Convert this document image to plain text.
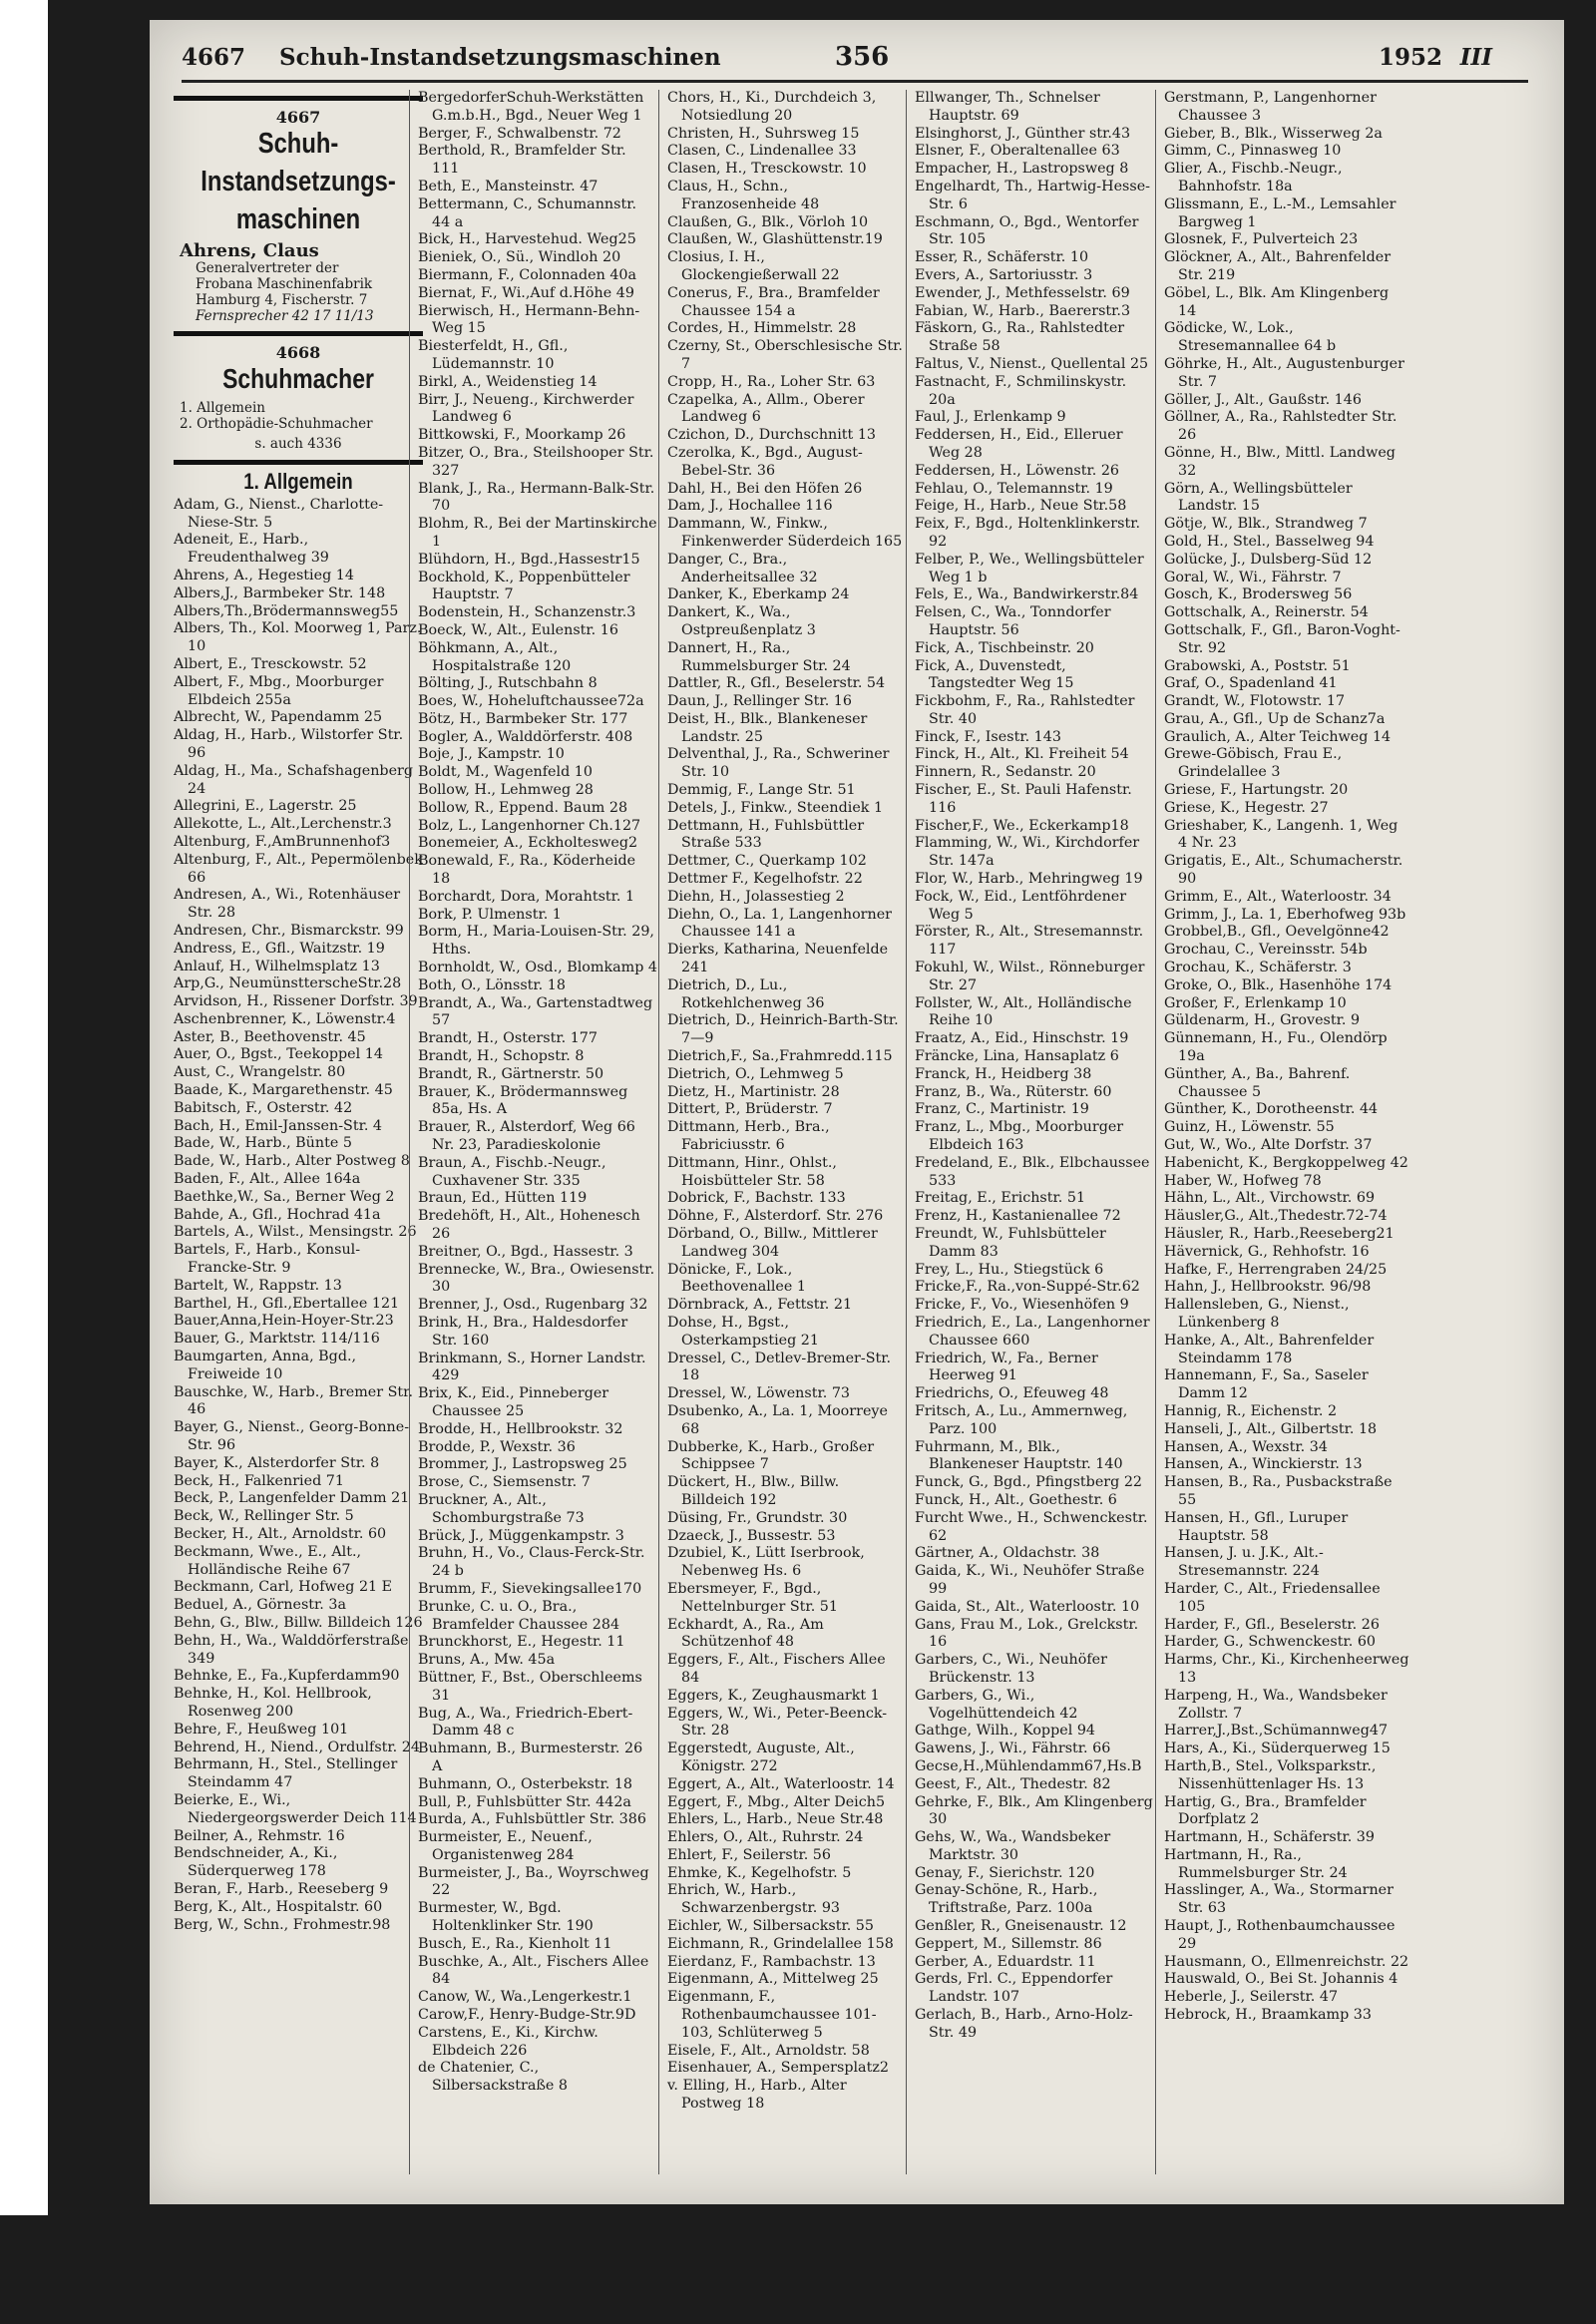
4667 Schuh-Instandsetzungsmaschinen	356	1952 III
4667
Schuh-
Instandsetzungs-
maschinen
Ahrens, Claus
Generalvertreter der
Frobana Maschinenfabrik
Hamburg 4, Fischerstr. 7
Fernsprecher 42 17 11/13
4668
Schuhmacher
1. Allgemein
2. Orthopädie-Schuhmacher
s. auch 4336
1. Allgemein

Adam, G., Nienst., Charlotte-Niese-Str. 5

Adeneit, E., Harb., Freudenthalweg 39

Ahrens, A., Hegestieg 14

Albers,J., Barmbeker Str. 148

Albers,Th.,Brödermannsweg55

Albers, Th., Kol. Moorweg 1, Parz. 10

Albert, E., Tresckowstr. 52

Albert, F., Mbg., Moorburger Elbdeich 255a

Albrecht, W., Papendamm 25

Aldag, H., Harb., Wilstorfer Str. 96

Aldag, H., Ma., Schafshagenberg 24

Allegrini, E., Lagerstr. 25

Allekotte, L., Alt.,Lerchenstr.3

Altenburg, F.,AmBrunnenhof3

Altenburg, F., Alt., Pepermölenbek 66

Andresen, A., Wi., Rotenhäuser Str. 28

Andresen, Chr., Bismarckstr. 99

Andress, E., Gfl., Waitzstr. 19

Anlauf, H., Wilhelmsplatz 13

Arp,G., NeumünstterscheStr.28

Arvidson, H., Rissener Dorfstr. 39

Aschenbrenner, K., Löwenstr.4

Aster, B., Beethovenstr. 45

Auer, O., Bgst., Teekoppel 14

Aust, C., Wrangelstr. 80

Baade, K., Margarethenstr. 45

Babitsch, F., Osterstr. 42

Bach, H., Emil-Janssen-Str. 4

Bade, W., Harb., Bünte 5

Bade, W., Harb., Alter Postweg 8

Baden, F., Alt., Allee 164a

Baethke,W., Sa., Berner Weg 2

Bahde, A., Gfl., Hochrad 41a

Bartels, A., Wilst., Mensingstr. 26

Bartels, F., Harb., Konsul-Francke-Str. 9

Bartelt, W., Rappstr. 13

Barthel, H., Gfl.,Ebertallee 121

Bauer,Anna,Hein-Hoyer-Str.23

Bauer, G., Marktstr. 114/116

Baumgarten, Anna, Bgd., Freiweide 10

Bauschke, W., Harb., Bremer Str. 46

Bayer, G., Nienst., Georg-Bonne-Str. 96

Bayer, K., Alsterdorfer Str. 8

Beck, H., Falkenried 71

Beck, P., Langenfelder Damm 21

Beck, W., Rellinger Str. 5

Becker, H., Alt., Arnoldstr. 60

Beckmann, Wwe., E., Alt., Holländische Reihe 67

Beckmann, Carl, Hofweg 21 E

Beduel, A., Görnestr. 3a

Behn, G., Blw., Billw. Billdeich 126

Behn, H., Wa., Walddörferstraße 349

Behnke, E., Fa.,Kupferdamm90

Behnke, H., Kol. Hellbrook, Rosenweg 200

Behre, F., Heußweg 101

Behrend, H., Niend., Ordulfstr. 24

Behrmann, H., Stel., Stellinger Steindamm 47

Beierke, E., Wi., Niedergeorgswerder Deich 114

Beilner, A., Rehmstr. 16

Bendschneider, A., Ki., Süderquerweg 178

Beran, F., Harb., Reeseberg 9

Berg, K., Alt., Hospitalstr. 60

Berg, W., Schn., Frohmestr.98

BergedorferSchuh-Werkstätten G.m.b.H., Bgd., Neuer Weg 1

Berger, F., Schwalbenstr. 72

Berthold, R., Bramfelder Str. 111

Beth, E., Mansteinstr. 47

Bettermann, C., Schumannstr. 44 a

Bick, H., Harvestehud. Weg25

Bieniek, O., Sü., Windloh 20

Biermann, F., Colonnaden 40a

Biernat, F., Wi.,Auf d.Höhe 49

Bierwisch, H., Hermann-Behn-Weg 15

Biesterfeldt, H., Gfl., Lüdemannstr. 10

Birkl, A., Weidenstieg 14

Birr, J., Neueng., Kirchwerder Landweg 6

Bittkowski, F., Moorkamp 26

Bitzer, O., Bra., Steilshooper Str. 327

Blank, J., Ra., Hermann-Balk-Str. 70

Blohm, R., Bei der Martinskirche 1

Blühdorn, H., Bgd.,Hassestr15

Bockhold, K., Poppenbütteler Hauptstr. 7

Bodenstein, H., Schanzenstr.3

Boeck, W., Alt., Eulenstr. 16

Böhkmann, A., Alt., Hospitalstraße 120

Bölting, J., Rutschbahn 8

Boes, W., Hoheluftchaussee72a

Bötz, H., Barmbeker Str. 177

Bogler, A., Walddörferstr. 408

Boje, J., Kampstr. 10

Boldt, M., Wagenfeld 10

Bollow, H., Lehmweg 28

Bollow, R., Eppend. Baum 28

Bolz, L., Langenhorner Ch.127

Bonemeier, A., Eckholtesweg2

Bonewald, F., Ra., Köderheide 18

Borchardt, Dora, Morahtstr. 1

Bork, P. Ulmenstr. 1

Borm, H., Maria-Louisen-Str. 29, Hths.

Bornholdt, W., Osd., Blomkamp 4

Both, O., Lönsstr. 18

Brandt, A., Wa., Gartenstadtweg 57

Brandt, H., Osterstr. 177

Brandt, H., Schopstr. 8

Brandt, R., Gärtnerstr. 50

Brauer, K., Brödermannsweg 85a, Hs. A

Brauer, R., Alsterdorf, Weg 66 Nr. 23, Paradieskolonie

Braun, A., Fischb.-Neugr., Cuxhavener Str. 335

Braun, Ed., Hütten 119

Bredehöft, H., Alt., Hohenesch 26

Breitner, O., Bgd., Hassestr. 3

Brennecke, W., Bra., Owiesenstr. 30

Brenner, J., Osd., Rugenbarg 32

Brink, H., Bra., Haldesdorfer Str. 160

Brinkmann, S., Horner Landstr. 429

Brix, K., Eid., Pinneberger Chaussee 25

Brodde, H., Hellbrookstr. 32

Brodde, P., Wexstr. 36

Brommer, J., Lastropsweg 25

Brose, C., Siemsenstr. 7

Bruckner, A., Alt., Schomburgstraße 73

Brück, J., Müggenkampstr. 3

Bruhn, H., Vo., Claus-Ferck-Str. 24 b

Brumm, F., Sievekingsallee170

Brunke, C. u. O., Bra., Bramfelder Chaussee 284

Brunckhorst, E., Hegestr. 11

Bruns, A., Mw. 45a

Büttner, F., Bst., Oberschleems 31

Bug, A., Wa., Friedrich-Ebert-Damm 48 c

Buhmann, B., Burmesterstr. 26 A

Buhmann, O., Osterbekstr. 18

Bull, P., Fuhlsbütter Str. 442a

Burda, A., Fuhlsbüttler Str. 386

Burmeister, E., Neuenf., Organistenweg 284

Burmeister, J., Ba., Woyrschweg 22

Burmester, W., Bgd. Holtenklinker Str. 190

Busch, E., Ra., Kienholt 11

Buschke, A., Alt., Fischers Allee 84

Canow, W., Wa.,Lengerkestr.1

Carow,F., Henry-Budge-Str.9D

Carstens, E., Ki., Kirchw. Elbdeich 226

de Chatenier, C., Silbersackstraße 8

Chors, H., Ki., Durchdeich 3, Notsiedlung 20

Christen, H., Suhrsweg 15

Clasen, C., Lindenallee 33

Clasen, H., Tresckowstr. 10

Claus, H., Schn., Franzosenheide 48

Claußen, G., Blk., Vörloh 10

Claußen, W., Glashüttenstr.19

Closius, I. H., Glockengießerwall 22

Conerus, F., Bra., Bramfelder Chaussee 154 a

Cordes, H., Himmelstr. 28

Czerny, St., Oberschlesische Str. 7

Cropp, H., Ra., Loher Str. 63

Czapelka, A., Allm., Oberer Landweg 6

Czichon, D., Durchschnitt 13

Czerolka, K., Bgd., August-Bebel-Str. 36

Dahl, H., Bei den Höfen 26

Dam, J., Hochallee 116

Dammann, W., Finkw., Finkenwerder Süderdeich 165

Danger, C., Bra., Anderheitsallee 32

Danker, K., Eberkamp 24

Dankert, K., Wa., Ostpreußenplatz 3

Dannert, H., Ra., Rummelsburger Str. 24

Dattler, R., Gfl., Beselerstr. 54

Daun, J., Rellinger Str. 16

Deist, H., Blk., Blankeneser Landstr. 25

Delventhal, J., Ra., Schweriner Str. 10

Demmig, F., Lange Str. 51

Detels, J., Finkw., Steendiek 1

Dettmann, H., Fuhlsbüttler Straße 533

Dettmer, C., Querkamp 102

Dettmer F., Kegelhofstr. 22

Diehn, H., Jolassestieg 2

Diehn, O., La. 1, Langenhorner Chaussee 141 a

Dierks, Katharina, Neuenfelde 241

Dietrich, D., Lu., Rotkehlchenweg 36

Dietrich, D., Heinrich-Barth-Str. 7—9

Dietrich,F., Sa.,Frahmredd.115

Dietrich, O., Lehmweg 5

Dietz, H., Martinistr. 28

Dittert, P., Brüderstr. 7

Dittmann, Herb., Bra., Fabriciusstr. 6

Dittmann, Hinr., Ohlst., Hoisbütteler Str. 58

Dobrick, F., Bachstr. 133

Döhne, F., Alsterdorf. Str. 276

Dörband, O., Billw., Mittlerer Landweg 304

Dönicke, F., Lok., Beethovenallee 1

Dörnbrack, A., Fettstr. 21

Dohse, H., Bgst., Osterkampstieg 21

Dressel, C., Detlev-Bremer-Str. 18

Dressel, W., Löwenstr. 73

Dsubenko, A., La. 1, Moorreye 68

Dubberke, K., Harb., Großer Schippsee 7

Dückert, H., Blw., Billw. Billdeich 192

Düsing, Fr., Grundstr. 30

Dzaeck, J., Bussestr. 53

Dzubiel, K., Lütt Iserbrook, Nebenweg Hs. 6

Ebersmeyer, F., Bgd., Nettelnburger Str. 51

Eckhardt, A., Ra., Am Schützenhof 48

Eggers, F., Alt., Fischers Allee 84

Eggers, K., Zeughausmarkt 1

Eggers, W., Wi., Peter-Beenck-Str. 28

Eggerstedt, Auguste, Alt., Königstr. 272

Eggert, A., Alt., Waterloostr. 14

Eggert, F., Mbg., Alter Deich5

Ehlers, L., Harb., Neue Str.48

Ehlers, O., Alt., Ruhrstr. 24

Ehlert, F., Seilerstr. 56

Ehmke, K., Kegelhofstr. 5

Ehrich, W., Harb., Schwarzenbergstr. 93

Eichler, W., Silbersackstr. 55

Eichmann, R., Grindelallee 158

Eierdanz, F., Rambachstr. 13

Eigenmann, A., Mittelweg 25

Eigenmann, F., Rothenbaumchaussee 101-103, Schlüterweg 5

Eisele, F., Alt., Arnoldstr. 58

Eisenhauer, A., Sempersplatz2

v. Elling, H., Harb., Alter Postweg 18

Ellwanger, Th., Schnelser Hauptstr. 69

Elsinghorst, J., Günther str.43

Elsner, F., Oberaltenallee 63

Empacher, H., Lastropsweg 8

Engelhardt, Th., Hartwig-Hesse-Str. 6

Eschmann, O., Bgd., Wentorfer Str. 105

Esser, R., Schäferstr. 10

Evers, A., Sartoriusstr. 3

Ewender, J., Methfesselstr. 69

Fabian, W., Harb., Baererstr.3

Fäskorn, G., Ra., Rahlstedter Straße 58

Faltus, V., Nienst., Quellental 25

Fastnacht, F., Schmilinskystr. 20a

Faul, J., Erlenkamp 9

Feddersen, H., Eid., Elleruer Weg 28

Feddersen, H., Löwenstr. 26

Fehlau, O., Telemannstr. 19

Feige, H., Harb., Neue Str.58

Feix, F., Bgd., Holtenklinkerstr. 92

Felber, P., We., Wellingsbütteler Weg 1 b

Fels, E., Wa., Bandwirkerstr.84

Felsen, C., Wa., Tonndorfer Hauptstr. 56

Fick, A., Tischbeinstr. 20

Fick, A., Duvenstedt, Tangstedter Weg 15

Fickbohm, F., Ra., Rahlstedter Str. 40

Finck, F., Isestr. 143

Finck, H., Alt., Kl. Freiheit 54

Finnern, R., Sedanstr. 20

Fischer, E., St. Pauli Hafenstr. 116

Fischer,F., We., Eckerkamp18

Flamming, W., Wi., Kirchdorfer Str. 147a

Flor, W., Harb., Mehringweg 19

Fock, W., Eid., Lentföhrdener Weg 5

Förster, R., Alt., Stresemannstr. 117

Fokuhl, W., Wilst., Rönneburger Str. 27

Follster, W., Alt., Holländische Reihe 10

Fraatz, A., Eid., Hinschstr. 19

Fräncke, Lina, Hansaplatz 6

Franck, H., Heidberg 38

Franz, B., Wa., Rüterstr. 60

Franz, C., Martinistr. 19

Franz, L., Mbg., Moorburger Elbdeich 163

Fredeland, E., Blk., Elbchaussee 533

Freitag, E., Erichstr. 51

Frenz, H., Kastanienallee 72

Freundt, W., Fuhlsbütteler Damm 83

Frey, L., Hu., Stiegstück 6

Fricke,F., Ra.,von-Suppé-Str.62

Fricke, F., Vo., Wiesenhöfen 9

Friedrich, E., La., Langenhorner Chaussee 660

Friedrich, W., Fa., Berner Heerweg 91

Friedrichs, O., Efeuweg 48

Fritsch, A., Lu., Ammernweg, Parz. 100

Fuhrmann, M., Blk., Blankeneser Hauptstr. 140

Funck, G., Bgd., Pfingstberg 22

Funck, H., Alt., Goethestr. 6

Furcht Wwe., H., Schwenckestr. 62

Gärtner, A., Oldachstr. 38

Gaida, K., Wi., Neuhöfer Straße 99

Gaida, St., Alt., Waterloostr. 10

Gans, Frau M., Lok., Grelckstr. 16

Garbers, C., Wi., Neuhöfer Brückenstr. 13

Garbers, G., Wi., Vogelhüttendeich 42

Gathge, Wilh., Koppel 94

Gawens, J., Wi., Fährstr. 66

Gecse,H.,Mühlendamm67,Hs.B

Geest, F., Alt., Thedestr. 82

Gehrke, F., Blk., Am Klingenberg 30

Gehs, W., Wa., Wandsbeker Marktstr. 30

Genay, F., Sierichstr. 120

Genay-Schöne, R., Harb., Triftstraße, Parz. 100a

Genßler, R., Gneisenaustr. 12

Geppert, M., Sillemstr. 86

Gerber, A., Eduardstr. 11

Gerds, Frl. C., Eppendorfer Landstr. 107

Gerlach, B., Harb., Arno-Holz-Str. 49

Gerstmann, P., Langenhorner Chaussee 3

Gieber, B., Blk., Wisserweg 2a

Gimm, C., Pinnasweg 10

Glier, A., Fischb.-Neugr., Bahnhofstr. 18a

Glissmann, E., L.-M., Lemsahler Bargweg 1

Glosnek, F., Pulverteich 23

Glöckner, A., Alt., Bahrenfelder Str. 219

Göbel, L., Blk. Am Klingenberg 14

Gödicke, W., Lok., Stresemannallee 64 b

Göhrke, H., Alt., Augustenburger Str. 7

Göller, J., Alt., Gaußstr. 146

Göllner, A., Ra., Rahlstedter Str. 26

Gönne, H., Blw., Mittl. Landweg 32

Görn, A., Wellingsbütteler Landstr. 15

Götje, W., Blk., Strandweg 7

Gold, H., Stel., Basselweg 94

Golücke, J., Dulsberg-Süd 12

Goral, W., Wi., Fährstr. 7

Gosch, K., Brodersweg 56

Gottschalk, A., Reinerstr. 54

Gottschalk, F., Gfl., Baron-Voght-Str. 92

Grabowski, A., Poststr. 51

Graf, O., Spadenland 41

Grandt, W., Flotowstr. 17

Grau, A., Gfl., Up de Schanz7a

Graulich, A., Alter Teichweg 14

Grewe-Göbisch, Frau E., Grindelallee 3

Griese, F., Hartungstr. 20

Griese, K., Hegestr. 27

Grieshaber, K., Langenh. 1, Weg 4 Nr. 23

Grigatis, E., Alt., Schumacherstr. 90

Grimm, E., Alt., Waterloostr. 34

Grimm, J., La. 1, Eberhofweg 93b

Grobbel,B., Gfl., Oevelgönne42

Grochau, C., Vereinsstr. 54b

Grochau, K., Schäferstr. 3

Groke, O., Blk., Hasenhöhe 174

Großer, F., Erlenkamp 10

Güldenarm, H., Grovestr. 9

Günnemann, H., Fu., Olendörp 19a

Günther, A., Ba., Bahrenf. Chaussee 5

Günther, K., Dorotheenstr. 44

Guinz, H., Löwenstr. 55

Gut, W., Wo., Alte Dorfstr. 37

Habenicht, K., Bergkoppelweg 42

Haber, W., Hofweg 78

Hähn, L., Alt., Virchowstr. 69

Häusler,G., Alt.,Thedestr.72-74

Häusler, R., Harb.,Reeseberg21

Hävernick, G., Rehhofstr. 16

Hafke, F., Herrengraben 24/25

Hahn, J., Hellbrookstr. 96/98

Hallensleben, G., Nienst., Lünkenberg 8

Hanke, A., Alt., Bahrenfelder Steindamm 178

Hannemann, F., Sa., Saseler Damm 12

Hannig, R., Eichenstr. 2

Hanseli, J., Alt., Gilbertstr. 18

Hansen, A., Wexstr. 34

Hansen, A., Winckierstr. 13

Hansen, B., Ra., Pusbackstraße 55

Hansen, H., Gfl., Luruper Hauptstr. 58

Hansen, J. u. J.K., Alt.-Stresemannstr. 224

Harder, C., Alt., Friedensallee 105

Harder, F., Gfl., Beselerstr. 26

Harder, G., Schwenckestr. 60

Harms, Chr., Ki., Kirchenheerweg 13

Harpeng, H., Wa., Wandsbeker Zollstr. 7

Harrer,J.,Bst.,Schümannweg47

Hars, A., Ki., Süderquerweg 15

Harth,B., Stel., Volksparkstr., Nissenhüttenlager Hs. 13

Hartig, G., Bra., Bramfelder Dorfplatz 2

Hartmann, H., Schäferstr. 39

Hartmann, H., Ra., Rummelsburger Str. 24

Hasslinger, A., Wa., Stormarner Str. 63

Haupt, J., Rothenbaumchaussee 29

Hausmann, O., Ellmenreichstr. 22

Hauswald, O., Bei St. Johannis 4

Heberle, J., Seilerstr. 47

Hebrock, H., Braamkamp 33
